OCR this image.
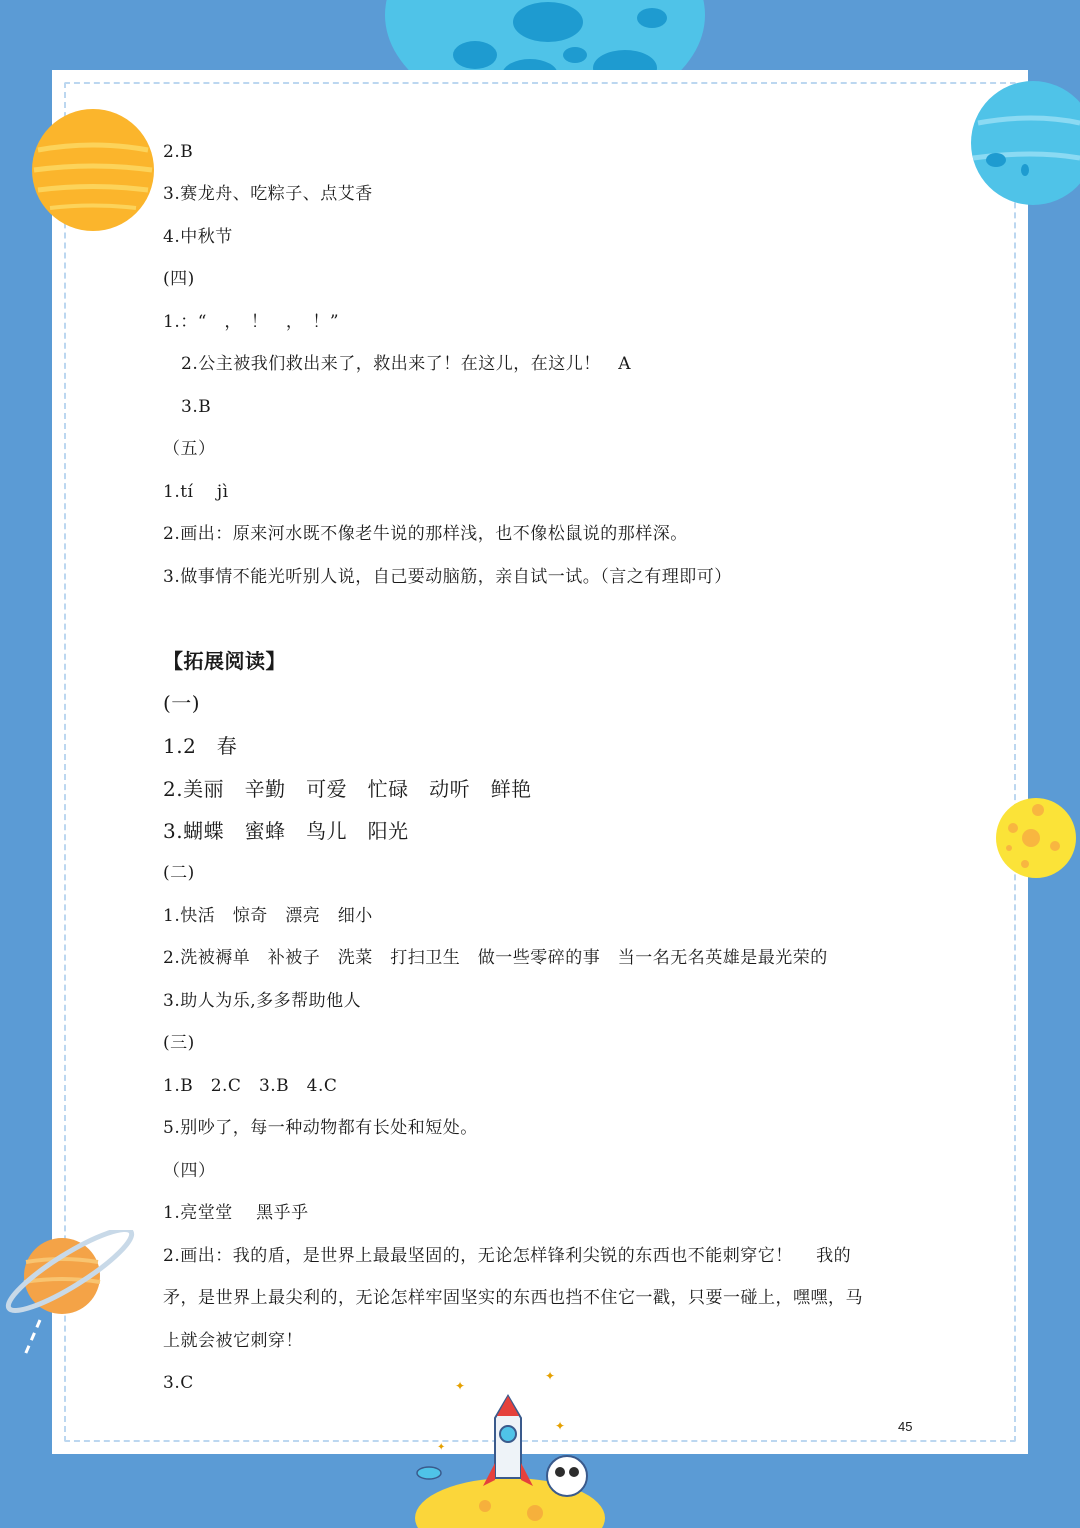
✦
✦
✦
✦
2.B
3.赛龙舟、吃粽子、点艾香
4.中秋节
(四)
1.：“　，　！　，　！”
2.公主被我们救出来了，救出来了！在这儿，在这儿！　A
3.B
（五）
1.tí　 jì
2.画出：原来河水既不像老牛说的那样浅，也不像松鼠说的那样深。
3.做事情不能光听别人说，自己要动脑筋，亲自试一试。（言之有理即可）
【拓展阅读】
(一)
1.2　春
2.美丽　辛勤　可爱　忙碌　动听　鲜艳
3.蝴蝶　蜜蜂　鸟儿　阳光
(二)
1.快活　惊奇　漂亮　细小
2.洗被褥单　补被子　洗菜　打扫卫生　做一些零碎的事　当一名无名英雄是最光荣的
3.助人为乐,多多帮助他人
(三)
1.B　2.C　3.B　4.C
5.别吵了，每一种动物都有长处和短处。
（四）
1.亮堂堂　 黑乎乎
2.画出：我的盾，是世界上最最坚固的，无论怎样锋利尖锐的东西也不能刺穿它！　 我的
矛，是世界上最尖利的，无论怎样牢固坚实的东西也挡不住它一戳，只要一碰上，嘿嘿，马
上就会被它刺穿！
3.C
45
